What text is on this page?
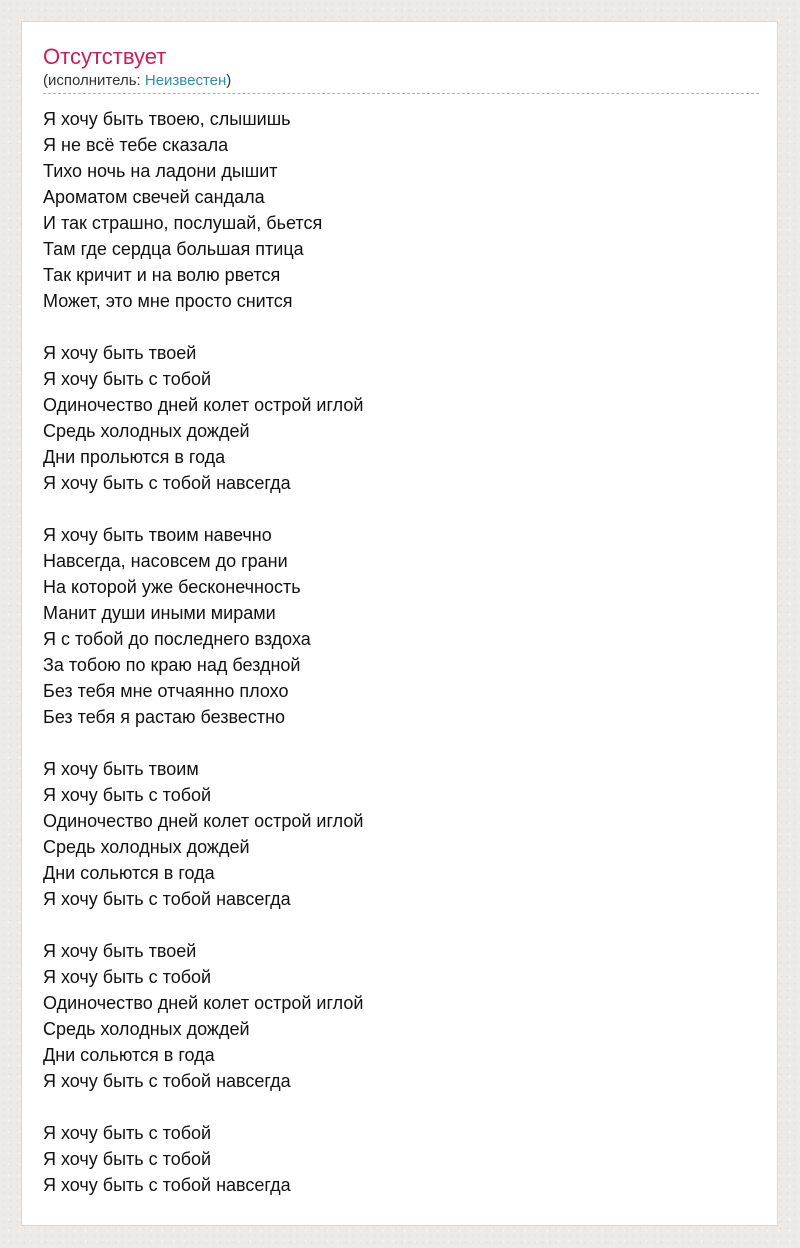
Отсутствует
(исполнитель: Неизвестен)
Я хочу быть твоею, слышишь
Я не всё тебе сказала
Тихо ночь на ладони дышит
Ароматом свечей сандала
И так страшно, послушай, бьется
Там где сердца большая птица
Так кричит и на волю рвется
Может, это мне просто снится
Я хочу быть твоей
Я хочу быть с тобой
Одиночество дней колет острой иглой
Средь холодных дождей
Дни прольются в года
Я хочу быть с тобой навсегда
Я хочу быть твоим навечно
Навсегда, насовсем до грани
На которой уже бесконечность
Манит души иными мирами
Я с тобой до последнего вздоха
За тобою по краю над бездной
Без тебя мне отчаянно плохо
Без тебя я растаю безвестно
Я хочу быть твоим
Я хочу быть с тобой
Одиночество дней колет острой иглой
Средь холодных дождей
Дни сольются в года
Я хочу быть с тобой навсегда
Я хочу быть твоей
Я хочу быть с тобой
Одиночество дней колет острой иглой
Средь холодных дождей
Дни сольются в года
Я хочу быть с тобой навсегда
Я хочу быть с тобой
Я хочу быть с тобой
Я хочу быть с тобой навсегда
